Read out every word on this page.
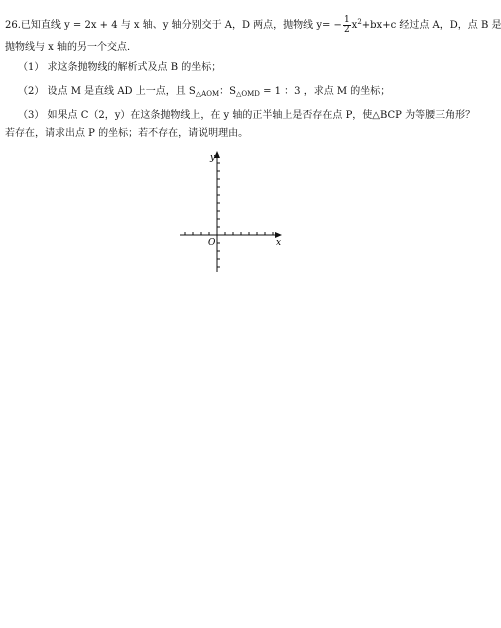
26.已知直线 y = 2x + 4 与 x 轴、y 轴分别交于 A，D 两点，抛物线 $y= - \frac{1}{2} x^2+bx+c$ 经过点 A，D，点 B 是
抛物线与 x 轴的另一个交点．
（1） 求这条抛物线的解析式及点 B 的坐标；
（2） 设点 M 是直线 AD 上一点，且 $S_{\triangle AOM}$：$S_{\triangle OMD} = 1$ ：3 ，求点 M 的坐标；
（3） 如果点 C（2，y）在这条抛物线上，在 y 轴的正半轴上是否存在点 P，使△BCP 为等腰三角形？
若存在，请求出点 P 的坐标；若不存在，请说明理由。
y
x
O
